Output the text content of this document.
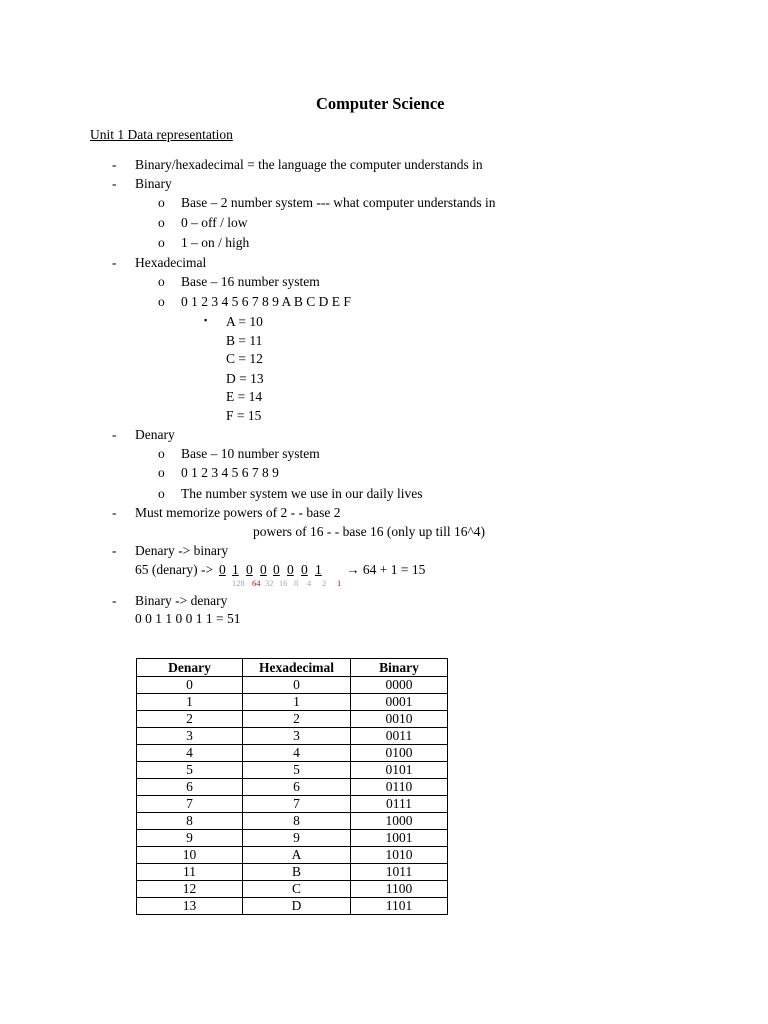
Computer Science
Unit 1 Data representation
- Binary/hexadecimal = the language the computer understands in
- Binary
o Base – 2 number system --- what computer understands in
o 0 – off / low
o 1 – on / high
- Hexadecimal
o Base – 16 number system
o 0 1 2 3 4 5 6 7 8 9 A B C D E F
▪ A = 10
B = 11
C = 12
D = 13
E = 14
F = 15
- Denary
o Base – 10 number system
o 0 1 2 3 4 5 6 7 8 9
o The number system we use in our daily lives
- Must memorize powers of 2 - - base 2
powers of 16 - - base 16 (only up till 16^4)
- Denary -> binary
65 (denary) -> 0 1 0 0 0 0 0 1 → 64 + 1 = 15
128 64 32 16 8 4 2 1
- Binary -> denary
0 0 1 1 0 0 1 1 = 51
Denary	Hexadecimal	Binary
0	0	0000
1	1	0001
2	2	0010
3	3	0011
4	4	0100
5	5	0101
6	6	0110
7	7	0111
8	8	1000
9	9	1001
10	A	1010
11	B	1011
12	C	1100
13	D	1101
